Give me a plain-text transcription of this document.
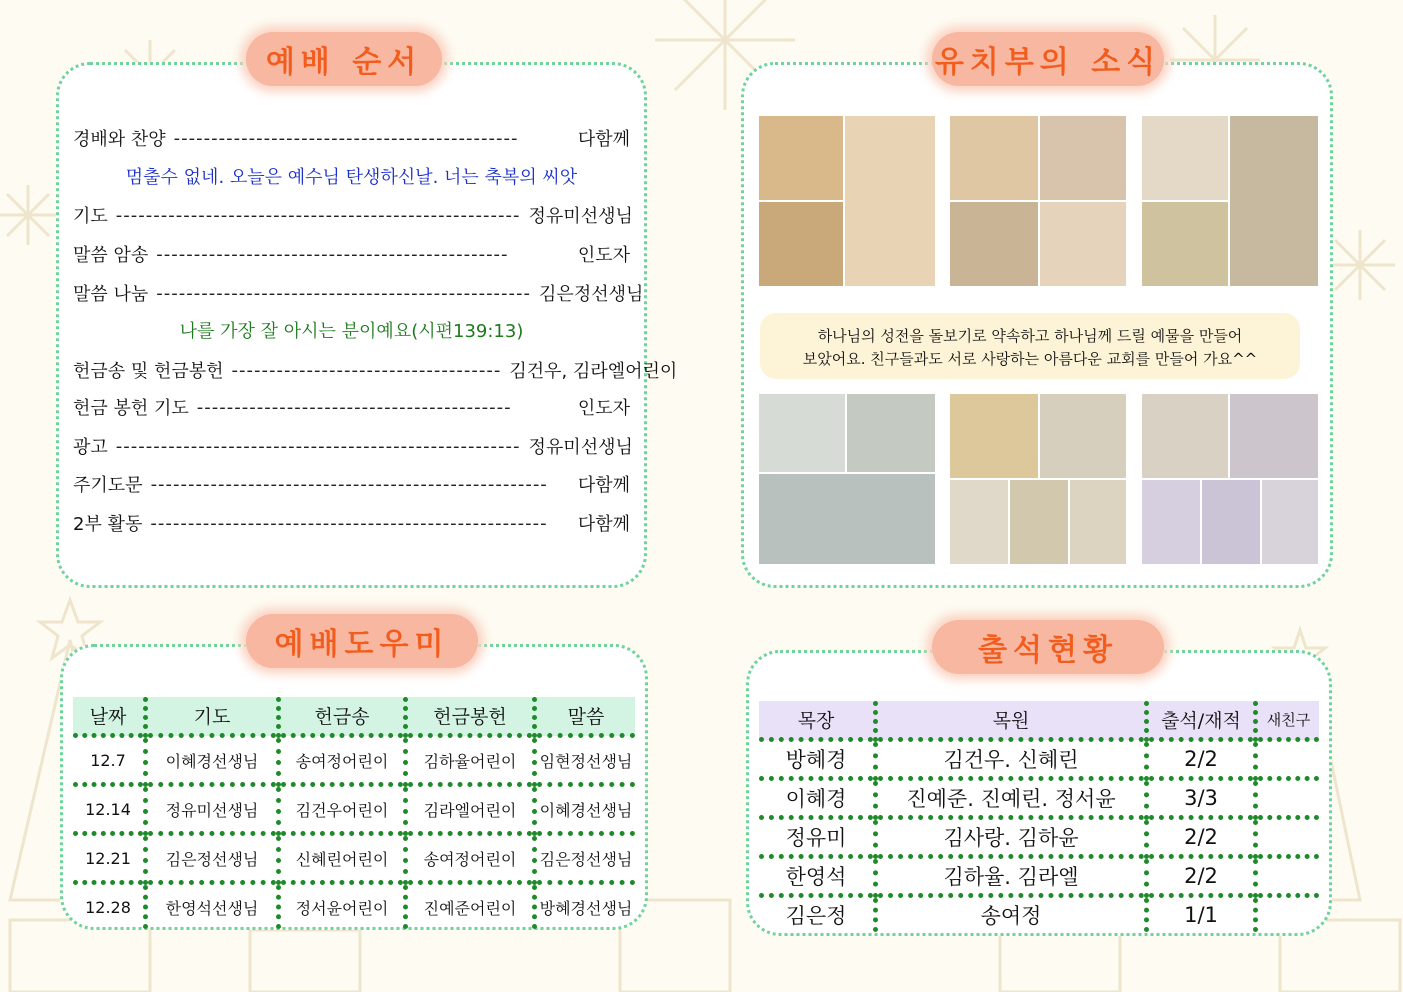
경배와 찬양 ----------------------------------------------	다함께
멈출수 없네. 오늘은 예수님 탄생하신날. 너는 축복의 씨앗
기도 ------------------------------------------------------ 정유미선생님
말씀 암송 -----------------------------------------------	인도자
말씀 나눔 -------------------------------------------------- 김은정선생님
나를 가장 잘 아시는 분이예요(시편139:13)
헌금송 및 헌금봉헌 ------------------------------------ 김건우, 김라엘어린이
헌금 봉헌 기도 ------------------------------------------	인도자
광고 ------------------------------------------------------ 정유미선생님
주기도문 -----------------------------------------------------	다함께
2부 활동 -----------------------------------------------------	다함께
예배 순서
하나님의 성전을 돌보기로 약속하고 하나님께 드릴 예물을 만들어
보았어요. 친구들과도 서로 사랑하는 아름다운 교회를 만들어 가요^^
유치부의 소식
날짜	기도	헌금송	헌금봉헌	말씀
12.7	이혜경선생님	송여정어린이	김하율어린이	임현정선생님
12.14	정유미선생님	김건우어린이	김라엘어린이	이혜경선생님
12.21	김은정선생님	신혜린어린이	송여정어린이	김은정선생님
12.28	한영석선생님	정서윤어린이	진예준어린이	방혜경선생님
예배도우미
목장	목원	출석/재적	새친구
방혜경	김건우. 신혜린	2/2	
이혜경	진예준. 진예린. 정서윤	3/3	
정유미	김사랑. 김하윤	2/2	
한영석	김하율. 김라엘	2/2	
김은정	송여정	1/1	
출석현황
